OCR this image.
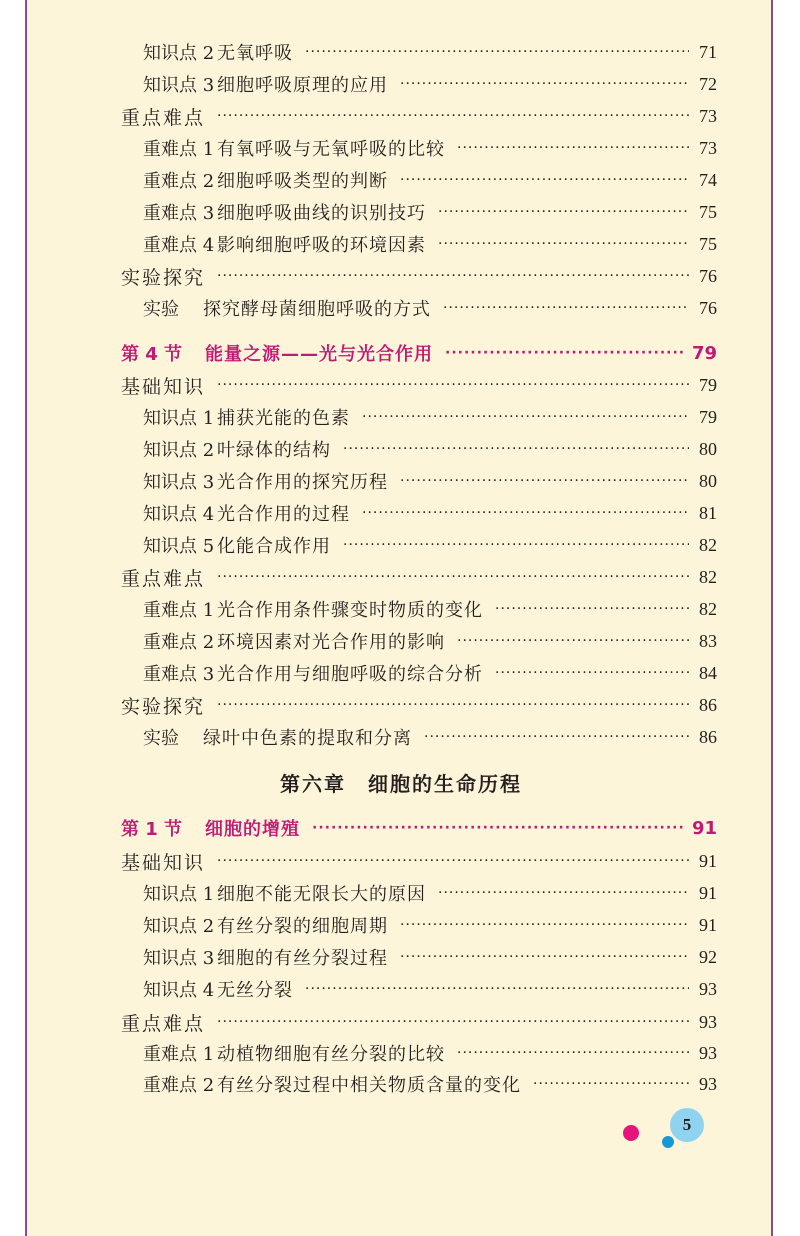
知识点 2 无氧呼吸 ·····	71
知识点 3 细胞呼吸原理的应用 ·····	72
重点难点 ·····	73
重难点 1 有氧呼吸与无氧呼吸的比较 ·····	73
重难点 2 细胞呼吸类型的判断 ·····	74
重难点 3 细胞呼吸曲线的识别技巧 ·····	75
重难点 4 影响细胞呼吸的环境因素 ·····	75
实验探究 ·····	76
实验	探究酵母菌细胞呼吸的方式 ·····	76
第 4 节	能量之源——光与光合作用 ·····	79
基础知识 ·····	79
知识点 1 捕获光能的色素 ·····	79
知识点 2 叶绿体的结构 ·····	80
知识点 3 光合作用的探究历程 ·····	80
知识点 4 光合作用的过程 ·····	81
知识点 5 化能合成作用 ·····	82
重点难点 ·····	82
重难点 1 光合作用条件骤变时物质的变化 ·····	82
重难点 2 环境因素对光合作用的影响 ·····	83
重难点 3 光合作用与细胞呼吸的综合分析 ·····	84
实验探究 ·····	86
实验	绿叶中色素的提取和分离 ·····	86
第六章　细胞的生命历程
第 1 节	细胞的增殖 ·····	91
基础知识 ·····	91
知识点 1 细胞不能无限长大的原因 ·····	91
知识点 2 有丝分裂的细胞周期 ·····	91
知识点 3 细胞的有丝分裂过程 ·····	92
知识点 4 无丝分裂 ·····	93
重点难点 ·····	93
重难点 1 动植物细胞有丝分裂的比较 ·····	93
重难点 2 有丝分裂过程中相关物质含量的变化 ·····	93
5
